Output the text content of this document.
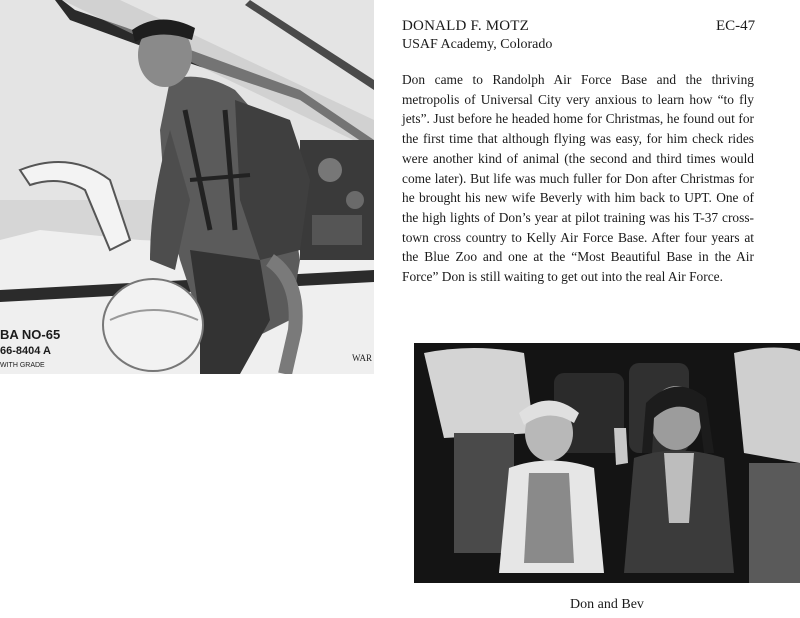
BA NO-65
66-8404 A
WITH GRADE
WAR
DONALD F. MOTZ	EC-47
USAF Academy, Colorado

Don came to Randolph Air Force Base and the thriving metropolis of Universal City very anxious to learn how “to fly jets”. Just before he headed home for Christmas, he found out for the first time that although flying was easy, for him check rides were another kind of animal (the second and third times would come later). But life was much fuller for Don after Christmas for he brought his new wife Beverly with him back to UPT. One of the high lights of Don’s year at pilot training was his T-37 cross-town cross country to Kelly Air Force Base. After four years at the Blue Zoo and one at the “Most Beautiful Base in the Air Force” Don is still waiting to get out into the real Air Force.

Don and Bev
